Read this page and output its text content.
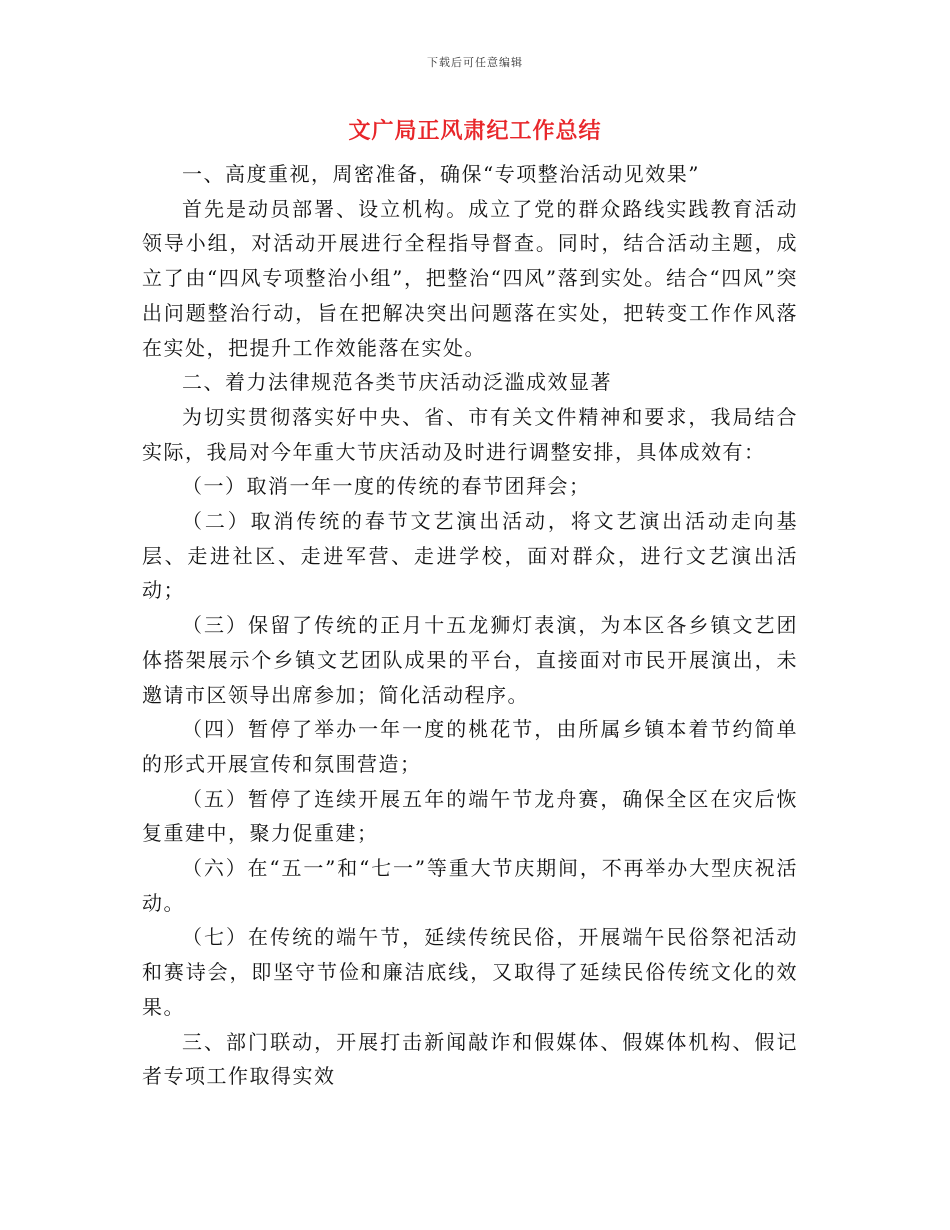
下载后可任意编辑
文广局正风肃纪工作总结

一、高度重视，周密准备，确保“专项整治活动见效果”

首先是动员部署、设立机构。成立了党的群众路线实践教育活动领导小组，对活动开展进行全程指导督查。同时，结合活动主题，成立了由“四风专项整治小组”，把整治“四风”落到实处。结合“四风”突出问题整治行动，旨在把解决突出问题落在实处，把转变工作作风落在实处，把提升工作效能落在实处。

二、着力法律规范各类节庆活动泛滥成效显著

为切实贯彻落实好中央、省、市有关文件精神和要求，我局结合实际，我局对今年重大节庆活动及时进行调整安排，具体成效有：

（一）取消一年一度的传统的春节团拜会；

（二）取消传统的春节文艺演出活动，将文艺演出活动走向基层、走进社区、走进军营、走进学校，面对群众，进行文艺演出活动；

（三）保留了传统的正月十五龙狮灯表演，为本区各乡镇文艺团体搭架展示个乡镇文艺团队成果的平台，直接面对市民开展演出，未邀请市区领导出席参加；简化活动程序。

（四）暂停了举办一年一度的桃花节，由所属乡镇本着节约简单的形式开展宣传和氛围营造；

（五）暂停了连续开展五年的端午节龙舟赛，确保全区在灾后恢复重建中，聚力促重建；

（六）在“五一”和“七一”等重大节庆期间，不再举办大型庆祝活动。

（七）在传统的端午节，延续传统民俗，开展端午民俗祭祀活动和赛诗会，即坚守节俭和廉洁底线，又取得了延续民俗传统文化的效果。

三、部门联动，开展打击新闻敲诈和假媒体、假媒体机构、假记者专项工作取得实效
